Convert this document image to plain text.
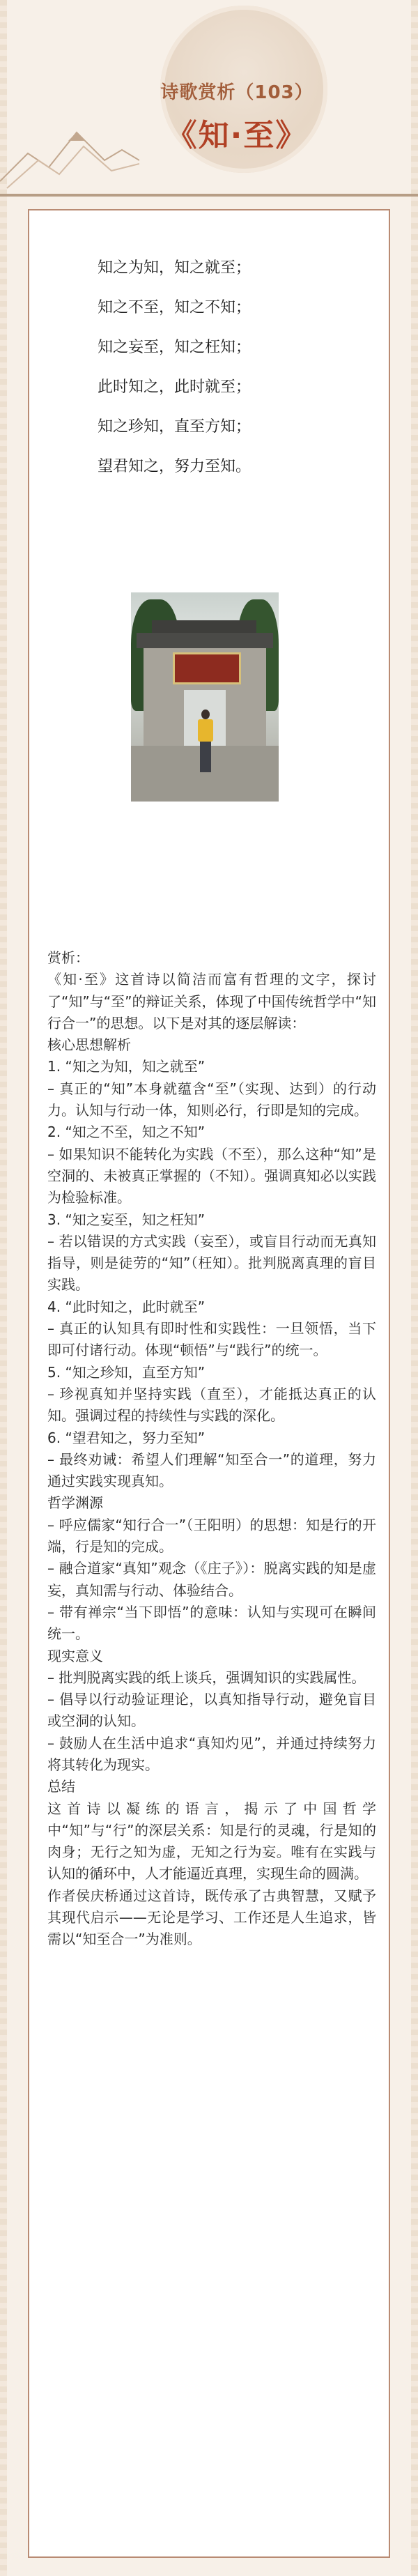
诗歌赏析（103）
《知·至》
知之为知，知之就至；
知之不至，知之不知；
知之妄至，知之枉知；
此时知之，此时就至；
知之珍知，直至方知；
望君知之，努力至知。

赏析：

《知·至》这首诗以简洁而富有哲理的文字，探讨了“知”与“至”的辩证关系，体现了中国传统哲学中“知行合一”的思想。以下是对其的逐层解读：

核心思想解析

1. “知之为知，知之就至”

– 真正的“知”本身就蕴含“至”（实现、达到）的行动力。认知与行动一体，知则必行，行即是知的完成。

2. “知之不至，知之不知”

– 如果知识不能转化为实践（不至），那么这种“知”是空洞的、未被真正掌握的（不知）。强调真知必以实践为检验标准。

3. “知之妄至，知之枉知”

– 若以错误的方式实践（妄至），或盲目行动而无真知指导，则是徒劳的“知”（枉知）。批判脱离真理的盲目实践。

4. “此时知之，此时就至”

– 真正的认知具有即时性和实践性：一旦领悟，当下即可付诸行动。体现“顿悟”与“践行”的统一。

5. “知之珍知，直至方知”

– 珍视真知并坚持实践（直至），才能抵达真正的认知。强调过程的持续性与实践的深化。

6. “望君知之，努力至知”

– 最终劝诫：希望人们理解“知至合一”的道理，努力通过实践实现真知。

哲学渊源

– 呼应儒家“知行合一”（王阳明）的思想：知是行的开端，行是知的完成。

– 融合道家“真知”观念（《庄子》）：脱离实践的知是虚妄，真知需与行动、体验结合。

– 带有禅宗“当下即悟”的意味：认知与实现可在瞬间统一。

现实意义

– 批判脱离实践的纸上谈兵，强调知识的实践属性。

– 倡导以行动验证理论，以真知指导行动，避免盲目或空洞的认知。

– 鼓励人在生活中追求“真知灼见”，并通过持续努力将其转化为现实。

总结

这首诗以凝练的语言，揭示了中国哲学中“知”与“行”的深层关系：知是行的灵魂，行是知的肉身；无行之知为虚，无知之行为妄。唯有在实践与认知的循环中，人才能逼近真理，实现生命的圆满。

作者侯庆桥通过这首诗，既传承了古典智慧，又赋予其现代启示——无论是学习、工作还是人生追求，皆需以“知至合一”为准则。
